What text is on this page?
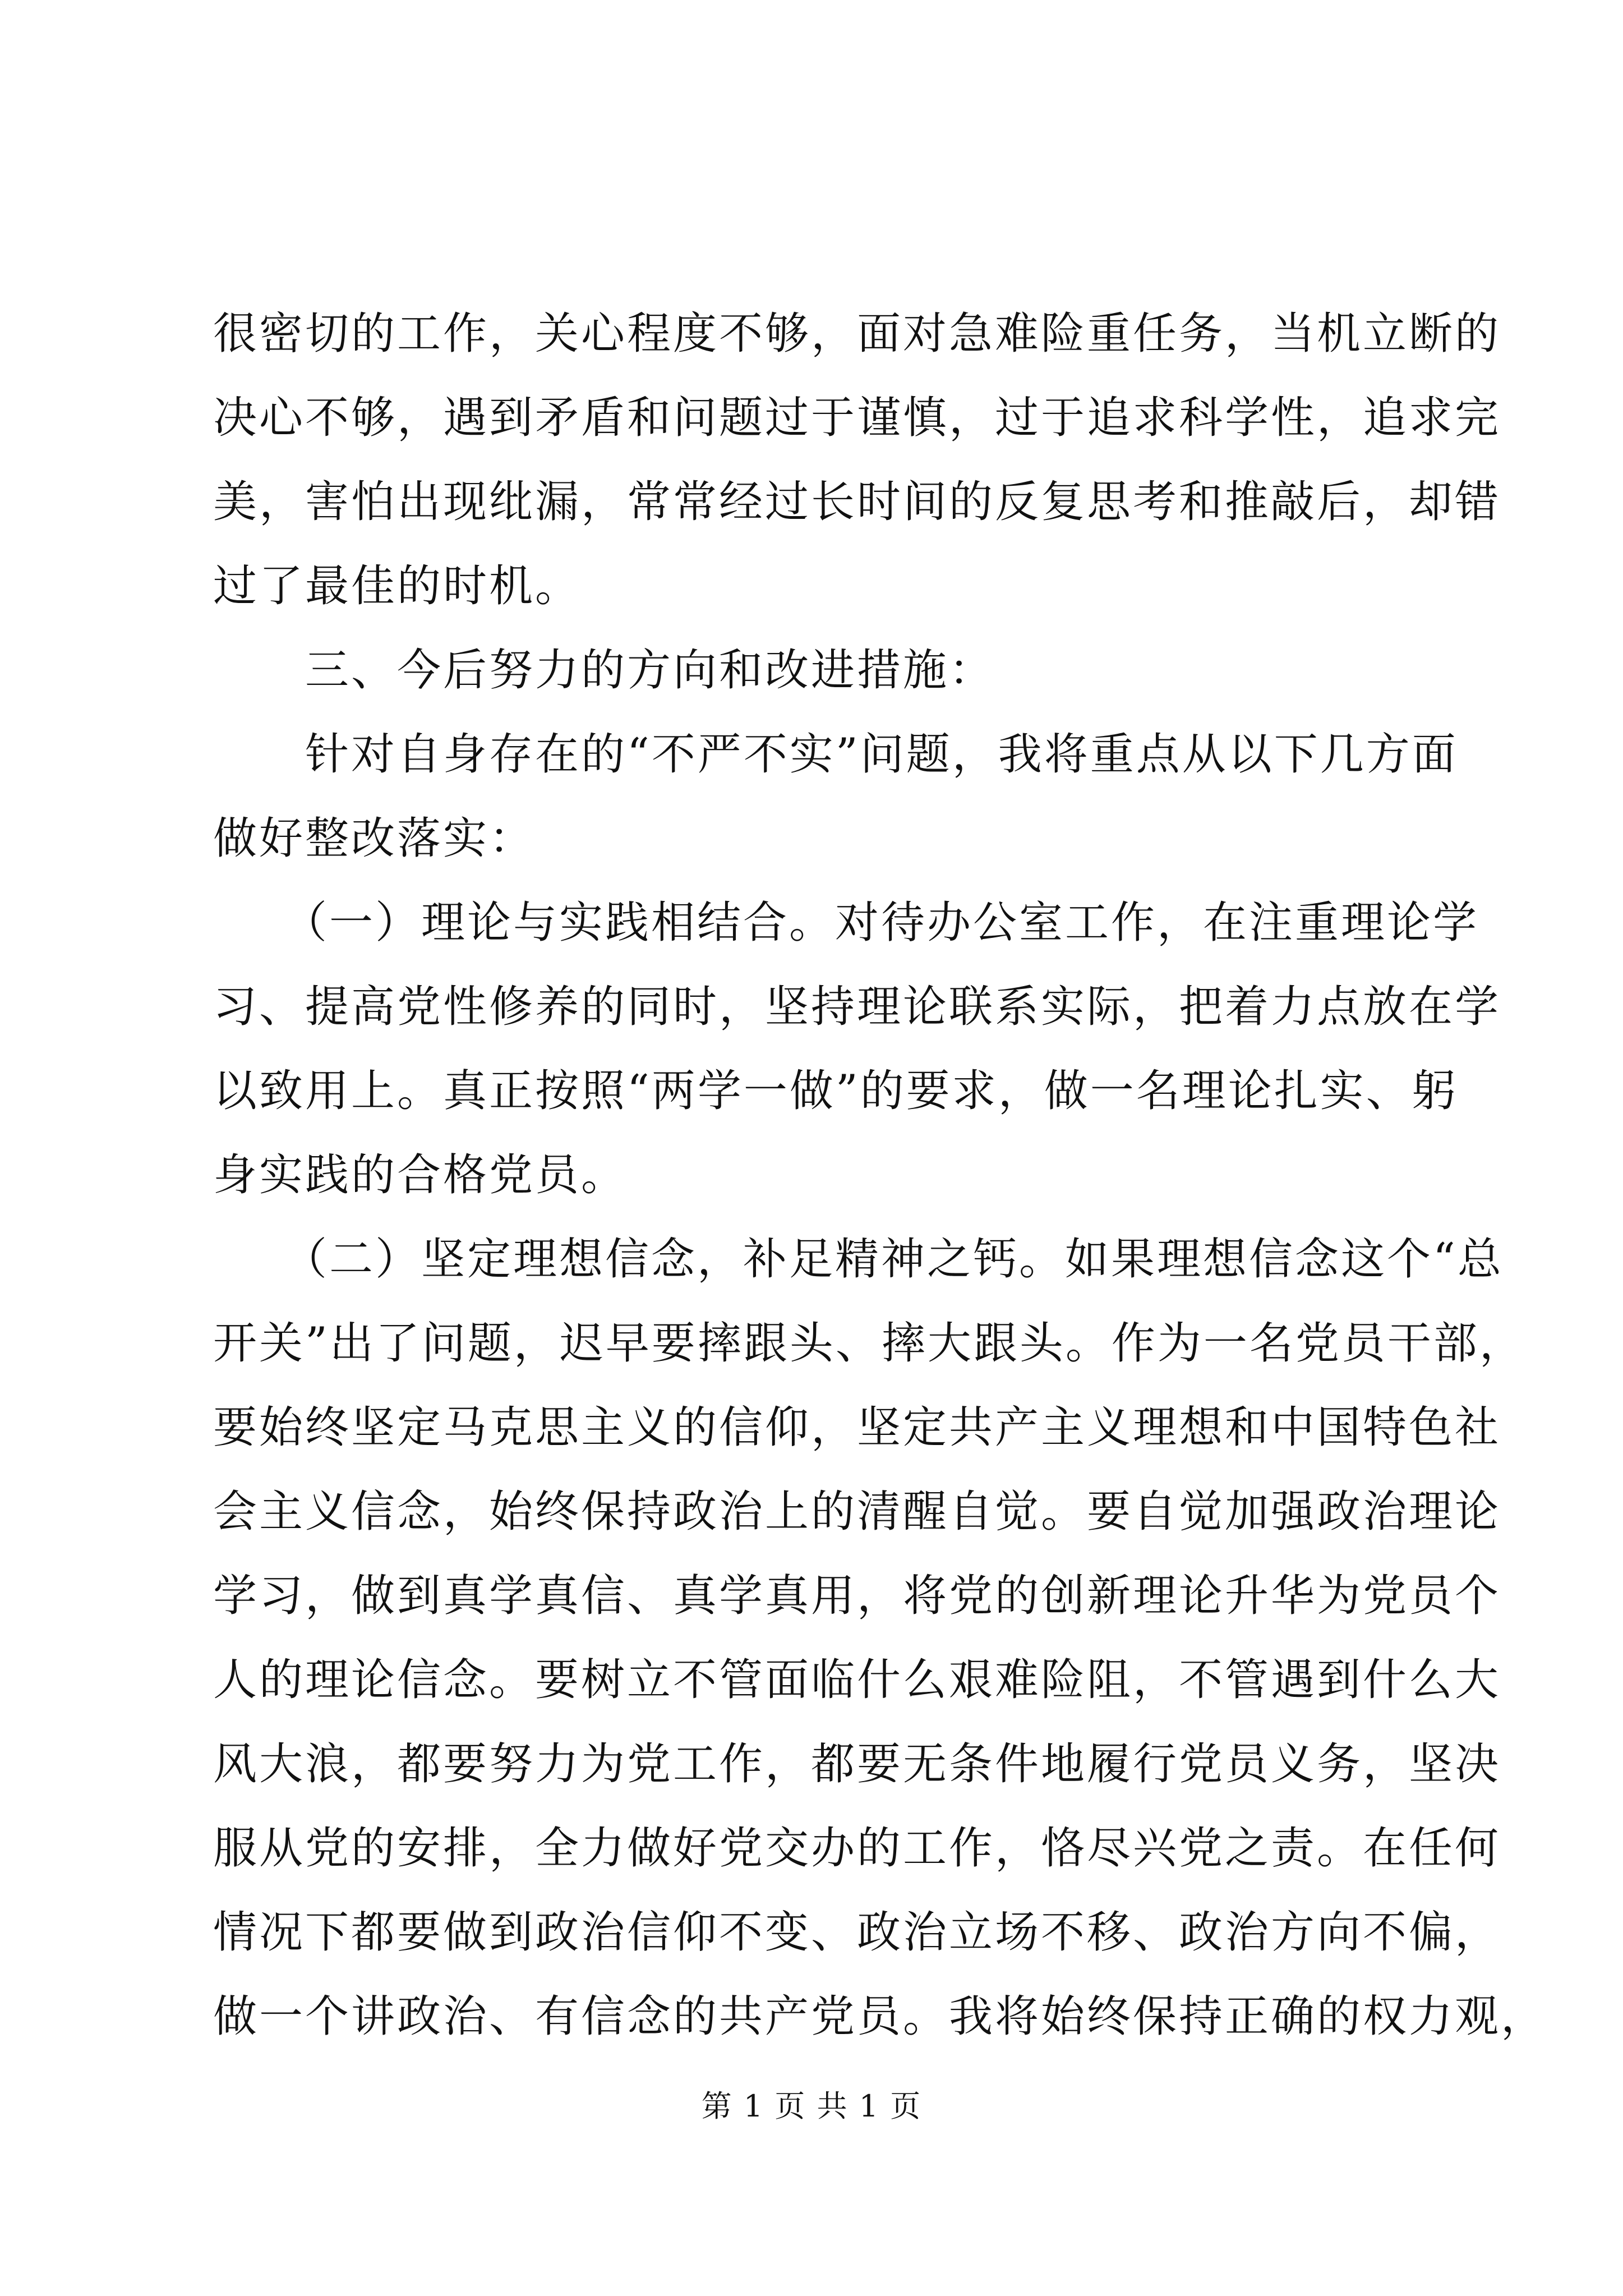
很密切的工作，关心程度不够，面对急难险重任务，当机立断的
决心不够，遇到矛盾和问题过于谨慎，过于追求科学性，追求完
美，害怕出现纰漏，常常经过长时间的反复思考和推敲后，却错
过了最佳的时机。
　　三、今后努力的方向和改进措施：
　　针对自身存在的“不严不实”问题，我将重点从以下几方面
做好整改落实：
　　（一）理论与实践相结合。对待办公室工作，在注重理论学
习、提高党性修养的同时，坚持理论联系实际，把着力点放在学
以致用上。真正按照“两学一做”的要求，做一名理论扎实、躬
身实践的合格党员。
　　（二）坚定理想信念，补足精神之钙。如果理想信念这个“总
开关”出了问题，迟早要摔跟头、摔大跟头。作为一名党员干部，
要始终坚定马克思主义的信仰，坚定共产主义理想和中国特色社
会主义信念，始终保持政治上的清醒自觉。要自觉加强政治理论
学习，做到真学真信、真学真用，将党的创新理论升华为党员个
人的理论信念。要树立不管面临什么艰难险阻，不管遇到什么大
风大浪，都要努力为党工作，都要无条件地履行党员义务，坚决
服从党的安排，全力做好党交办的工作，恪尽兴党之责。在任何
情况下都要做到政治信仰不变、政治立场不移、政治方向不偏，
做一个讲政治、有信念的共产党员。我将始终保持正确的权力观，
第 1 页 共 1 页
